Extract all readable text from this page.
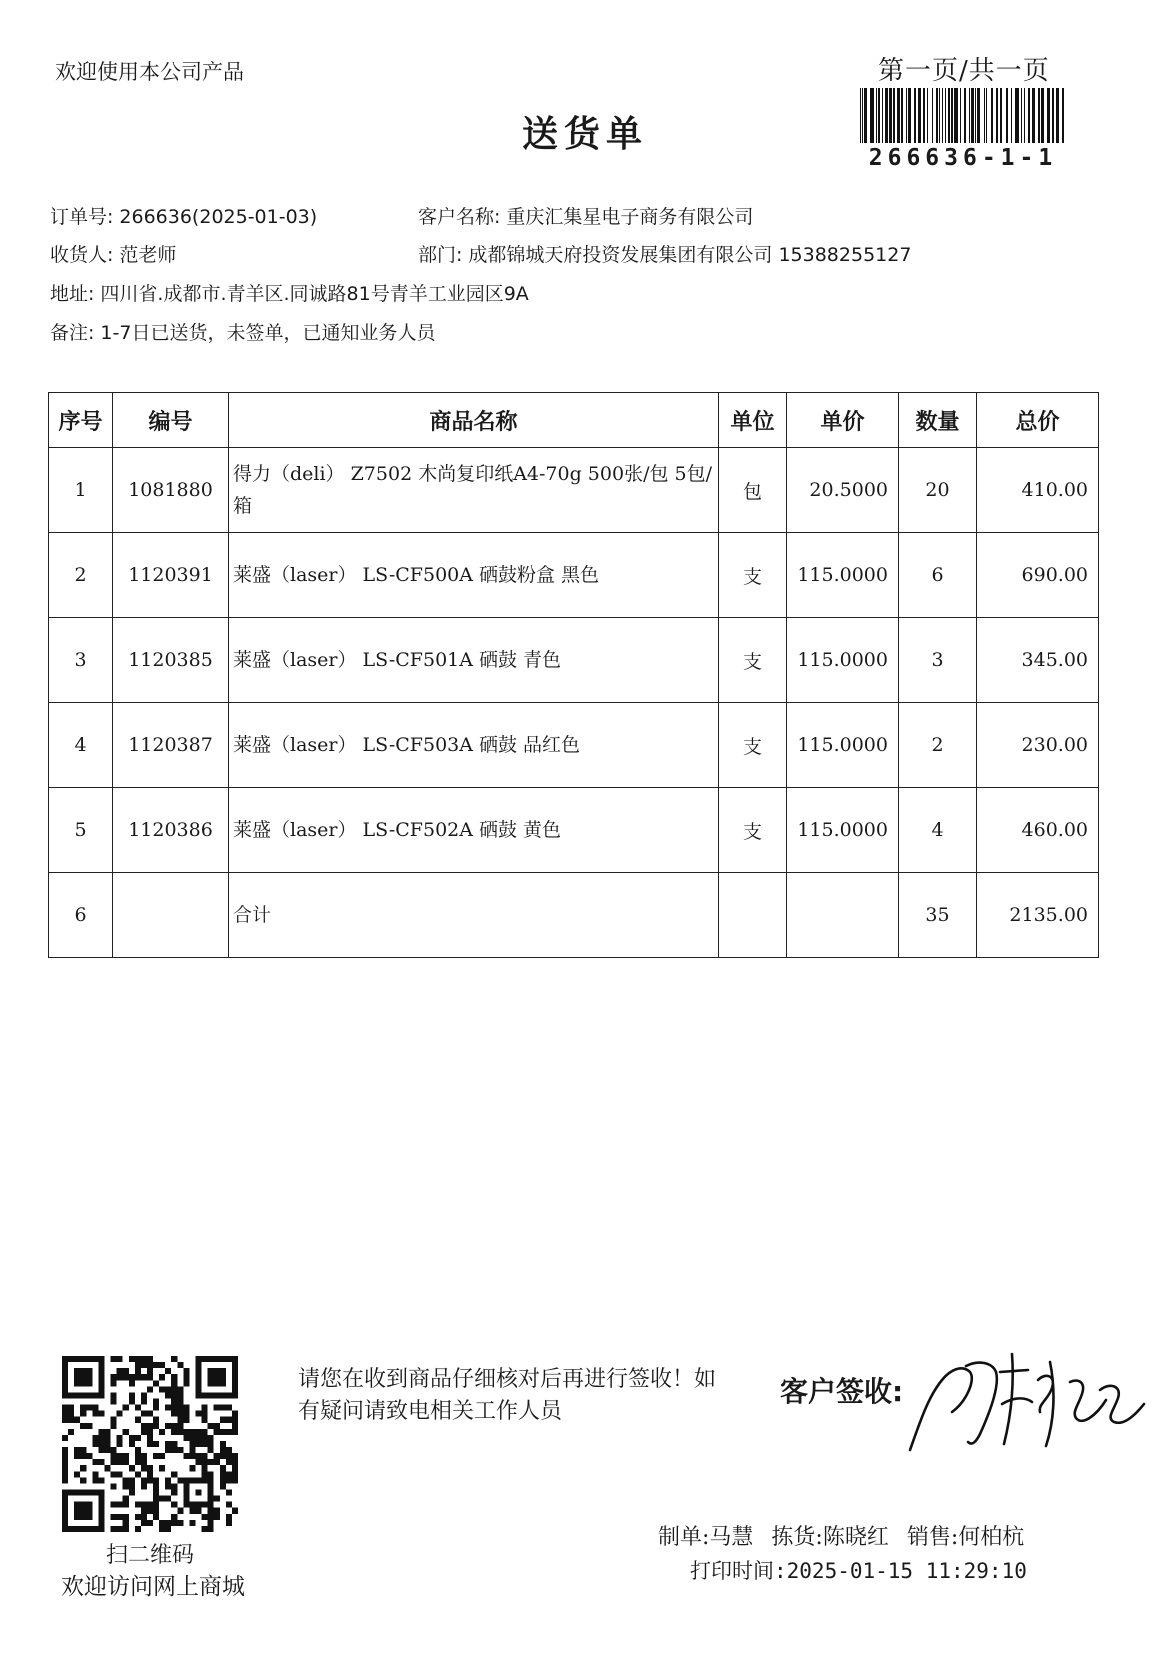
欢迎使用本公司产品	第一页/共一页
送货单
266636-1-1
订单号: 266636(2025-01-03)	客户名称: 重庆汇集星电子商务有限公司
收货人: 范老师	部门: 成都锦城天府投资发展集团有限公司 15388255127
地址: 四川省.成都市.青羊区.同诚路81号青羊工业园区9A
备注: 1-7日已送货，未签单，已通知业务人员
序号	编号	商品名称	单位	单价	数量	总价
1	1081880	得力（deli） Z7502 木尚复印纸A4-70g 500张/包 5包/箱	包	20.5000	20	410.00
2	1120391	莱盛（laser） LS-CF500A 硒鼓粉盒 黑色	支	115.0000	6	690.00
3	1120385	莱盛（laser） LS-CF501A 硒鼓 青色	支	115.0000	3	345.00
4	1120387	莱盛（laser） LS-CF503A 硒鼓 品红色	支	115.0000	2	230.00
5	1120386	莱盛（laser） LS-CF502A 硒鼓 黄色	支	115.0000	4	460.00
6		合计			35	2135.00
扫二维码
欢迎访问网上商城
请您在收到商品仔细核对后再进行签收！如有疑问请致电相关工作人员
客户签收:
制单:马慧 拣货:陈晓红 销售:何柏杭
打印时间:2025-01-15 11:29:10
